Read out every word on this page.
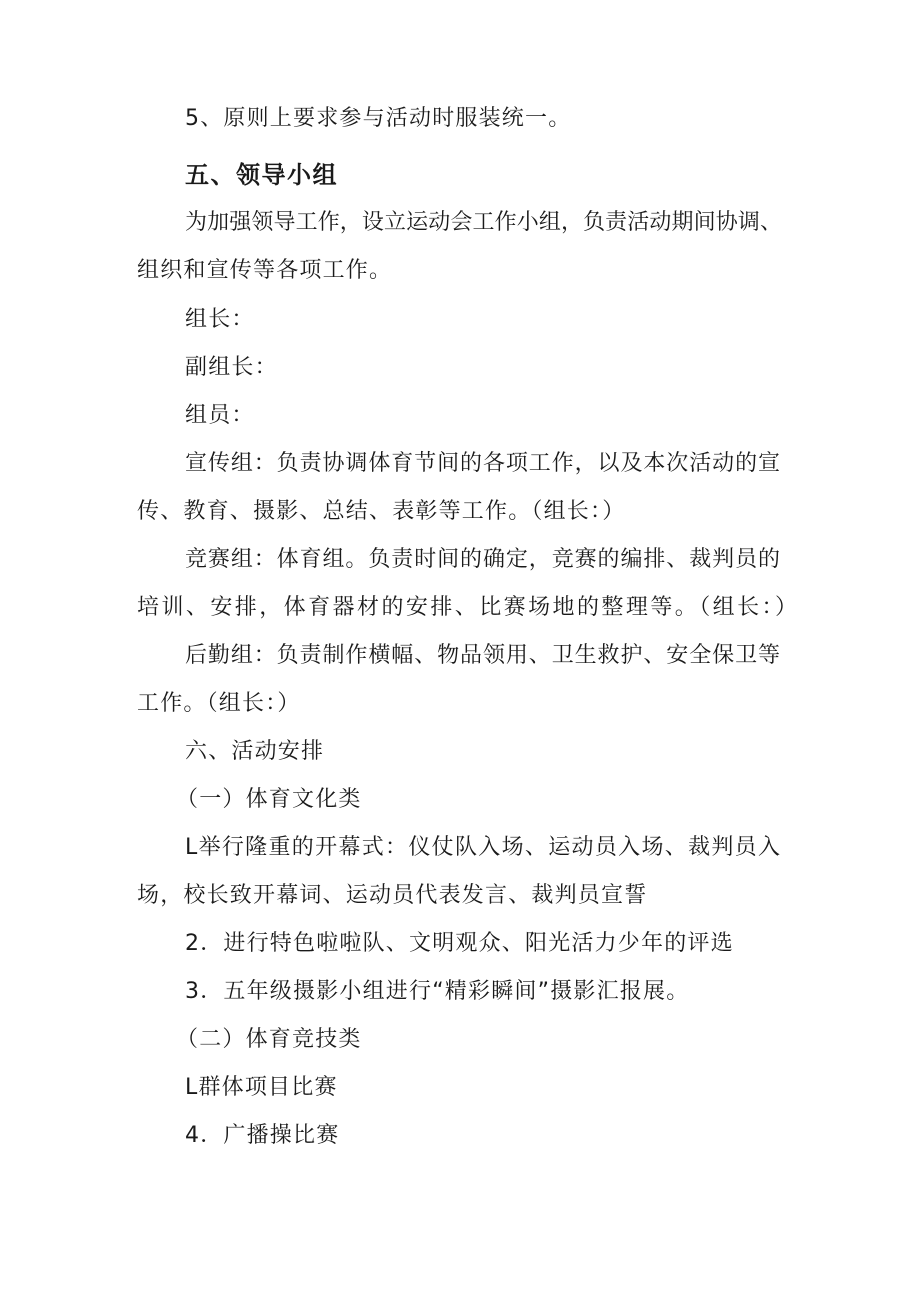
5、原则上要求参与活动时服装统一。
五、领导小组
为加强领导工作，设立运动会工作小组，负责活动期间协调、
组织和宣传等各项工作。
组长：
副组长：
组员：
宣传组：负责协调体育节间的各项工作，以及本次活动的宣
传、教育、摄影、总结、表彰等工作。（组长：）
竞赛组：体育组。负责时间的确定，竞赛的编排、裁判员的
培训、安排，体育器材的安排、比赛场地的整理等。（组长：）
后勤组：负责制作横幅、物品领用、卫生救护、安全保卫等
工作。（组长：）
六、活动安排
（一）体育文化类
L举行隆重的开幕式：仪仗队入场、运动员入场、裁判员入
场，校长致开幕词、运动员代表发言、裁判员宣誓
2．进行特色啦啦队、文明观众、阳光活力少年的评选
3．五年级摄影小组进行“精彩瞬间”摄影汇报展。
（二）体育竞技类
L群体项目比赛
4．广播操比赛
